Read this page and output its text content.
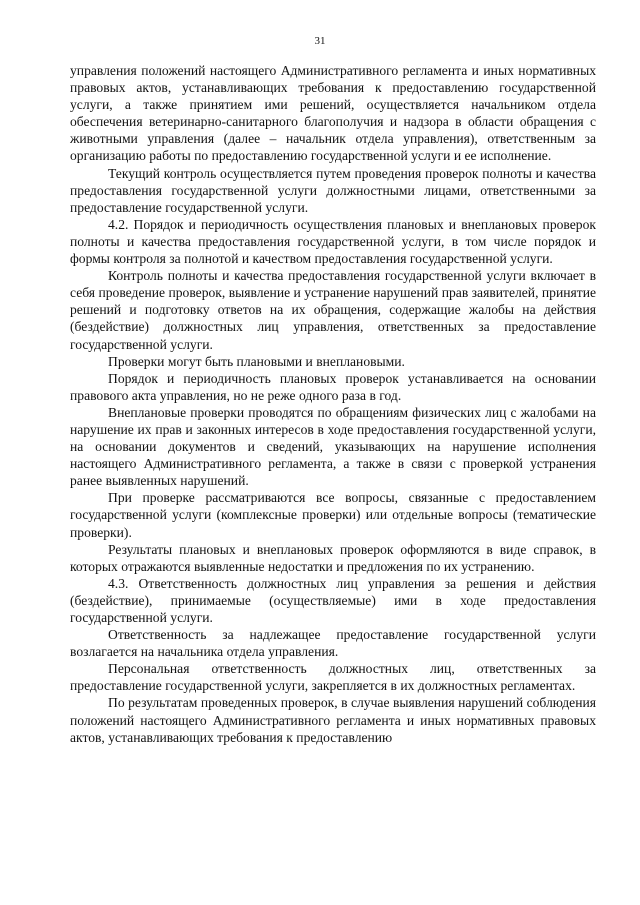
31

управления положений настоящего Административного регламента и иных нормативных правовых актов, устанавливающих требования к предоставлению государственной услуги, а также принятием ими решений, осуществляется начальником отдела обеспечения ветеринарно-санитарного благополучия и надзора в области обращения с животными управления (далее – начальник отдела управления), ответственным за организацию работы по предоставлению государственной услуги и ее исполнение.

Текущий контроль осуществляется путем проведения проверок полноты и качества предоставления государственной услуги должностными лицами, ответственными за предоставление государственной услуги.

4.2. Порядок и периодичность осуществления плановых и внеплановых проверок полноты и качества предоставления государственной услуги, в том числе порядок и формы контроля за полнотой и качеством предоставления государственной услуги.

Контроль полноты и качества предоставления государственной услуги включает в себя проведение проверок, выявление и устранение нарушений прав заявителей, принятие решений и подготовку ответов на их обращения, содержащие жалобы на действия (бездействие) должностных лиц управления, ответственных за предоставление государственной услуги.

Проверки могут быть плановыми и внеплановыми.

Порядок и периодичность плановых проверок устанавливается на основании правового акта управления, но не реже одного раза в год.

Внеплановые проверки проводятся по обращениям физических лиц с жалобами на нарушение их прав и законных интересов в ходе предоставления государственной услуги, на основании документов и сведений, указывающих на нарушение исполнения настоящего Административного регламента, а также в связи с проверкой устранения ранее выявленных нарушений.

При проверке рассматриваются все вопросы, связанные с предоставлением государственной услуги (комплексные проверки) или отдельные вопросы (тематические проверки).

Результаты плановых и внеплановых проверок оформляются в виде справок, в которых отражаются выявленные недостатки и предложения по их устранению.

4.3. Ответственность должностных лиц управления за решения и действия (бездействие), принимаемые (осуществляемые) ими в ходе предоставления государственной услуги.

Ответственность за надлежащее предоставление государственной услуги возлагается на начальника отдела управления.

Персональная ответственность должностных лиц, ответственных за предоставление государственной услуги, закрепляется в их должностных регламентах.

По результатам проведенных проверок, в случае выявления нарушений соблюдения положений настоящего Административного регламента и иных нормативных правовых актов, устанавливающих требования к предоставлению
